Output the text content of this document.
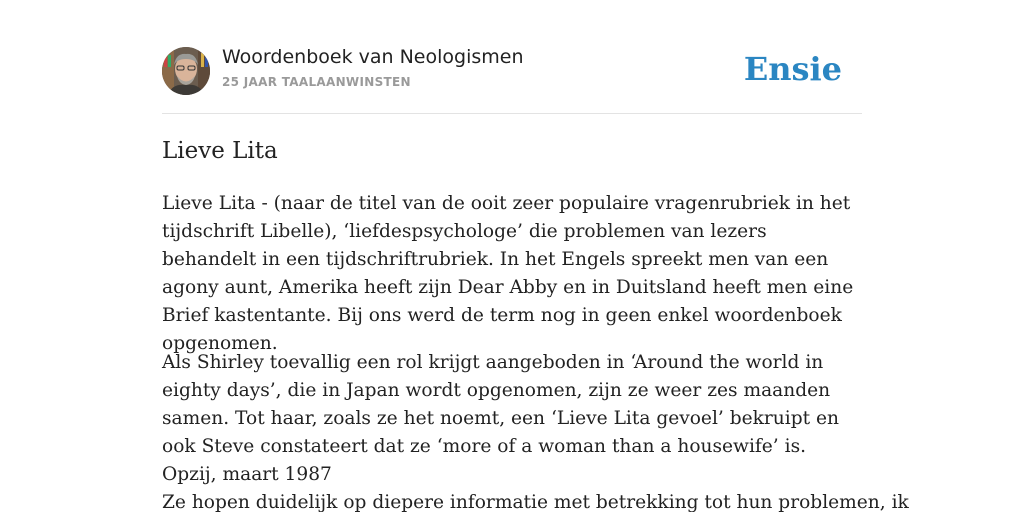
Woordenboek van Neologismen
25 JAAR TAALAANWINSTEN	Ensie
Lieve Lita

Lieve Lita - (naar de titel van de ooit zeer populaire vragenrubriek in het tijdschrift Libelle), ‘liefdespsychologe’ die problemen van lezers behandelt in een tijdschriftrubriek. In het Engels spreekt men van een agony aunt, Amerika heeft zijn Dear Abby en in Duitsland heeft men eine Brief kastentante. Bij ons werd de term nog in geen enkel woordenboek opgenomen.

Als Shirley toevallig een rol krijgt aangeboden in ‘Around the world in eighty days’, die in Japan wordt opgenomen, zijn ze weer zes maanden samen. Tot haar, zoals ze het noemt, een ‘Lieve Lita gevoel’ bekruipt en ook Steve constateert dat ze ‘more of a woman than a housewife’ is. Opzij, maart 1987

Ze hopen duidelijk op diepere informatie met betrekking tot hun problemen, ik
